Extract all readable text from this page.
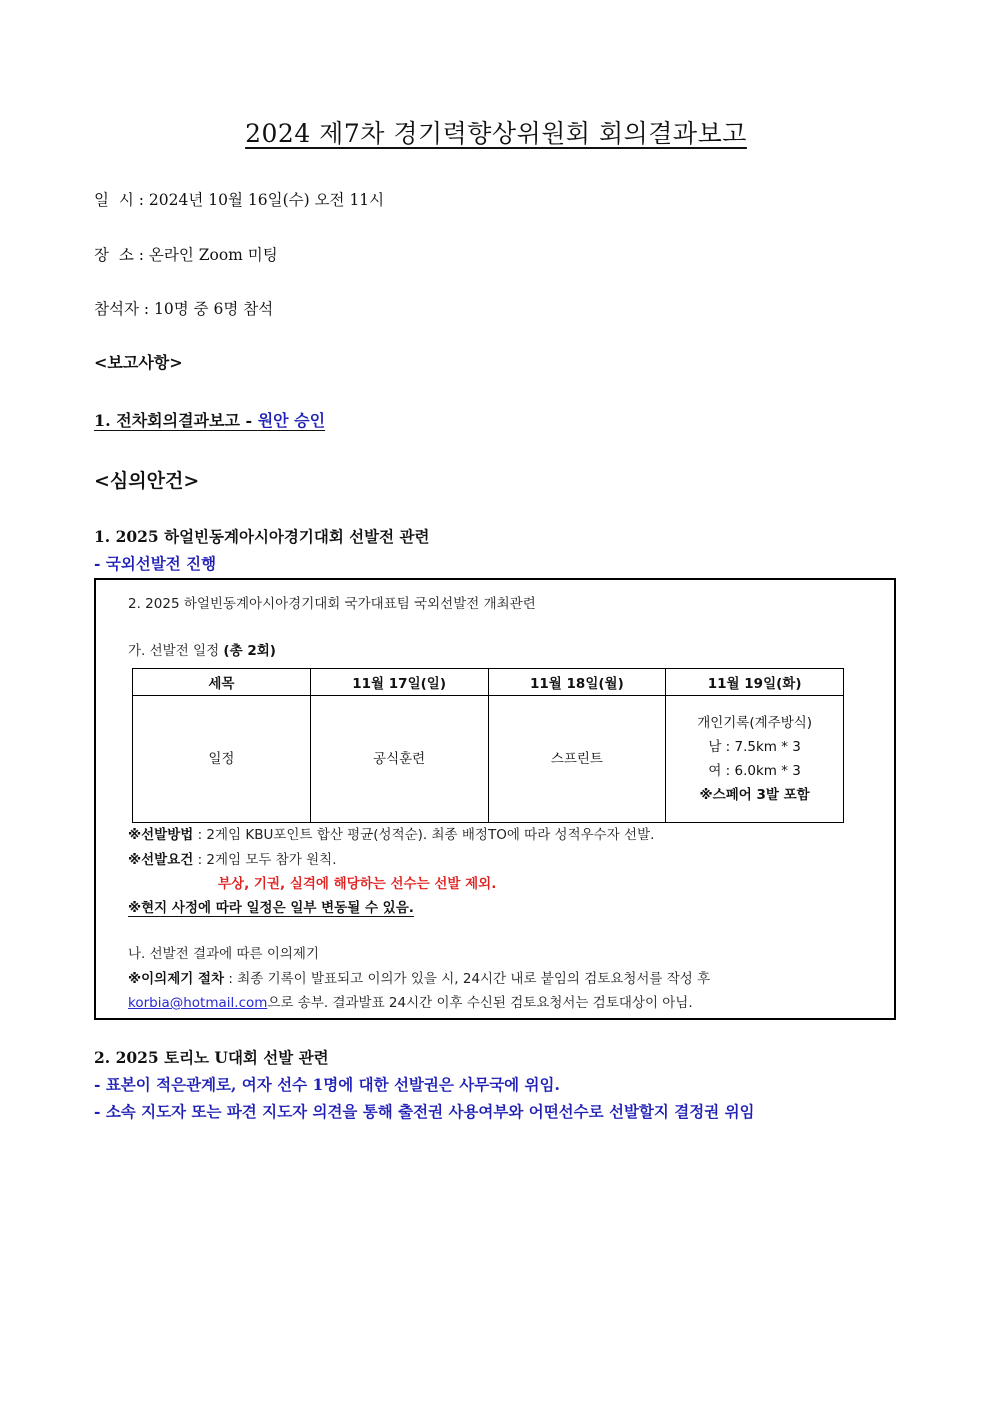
2024 제7차 경기력향상위원회 회의결과보고
일  시 : 2024년 10월 16일(수) 오전 11시
장  소 : 온라인 Zoom 미팅
참석자 : 10명 중 6명 참석
<보고사항>
1. 전차회의결과보고 - 원안 승인
<심의안건>
1. 2025 하얼빈동계아시아경기대회 선발전 관련
- 국외선발전 진행
2. 2025 하얼빈동계아시아경기대회 국가대표팀 국외선발전 개최관련
가. 선발전 일정 (총 2회)
세목	11월 17일(일)	11월 18일(월)	11월 19일(화)
일정	공식훈련	스프린트	개인기록(계주방식)
남 : 7.5km * 3
여 : 6.0km * 3
※스페어 3발 포함
※선발방법 : 2게임 KBU포인트 합산 평균(성적순). 최종 배정TO에 따라 성적우수자 선발.
※선발요건 : 2게임 모두 참가 원칙.
부상, 기권, 실격에 해당하는 선수는 선발 제외.
※현지 사정에 따라 일정은 일부 변동될 수 있음.
나. 선발전 결과에 따른 이의제기
※이의제기 절차 : 최종 기록이 발표되고 이의가 있을 시, 24시간 내로 붙임의 검토요청서를 작성 후
korbia@hotmail.com으로 송부. 결과발표 24시간 이후 수신된 검토요청서는 검토대상이 아님.
2. 2025 토리노 U대회 선발 관련
- 표본이 적은관계로, 여자 선수 1명에 대한 선발권은 사무국에 위임.
- 소속 지도자 또는 파견 지도자 의견을 통해 출전권 사용여부와 어떤선수로 선발할지 결정권 위임
